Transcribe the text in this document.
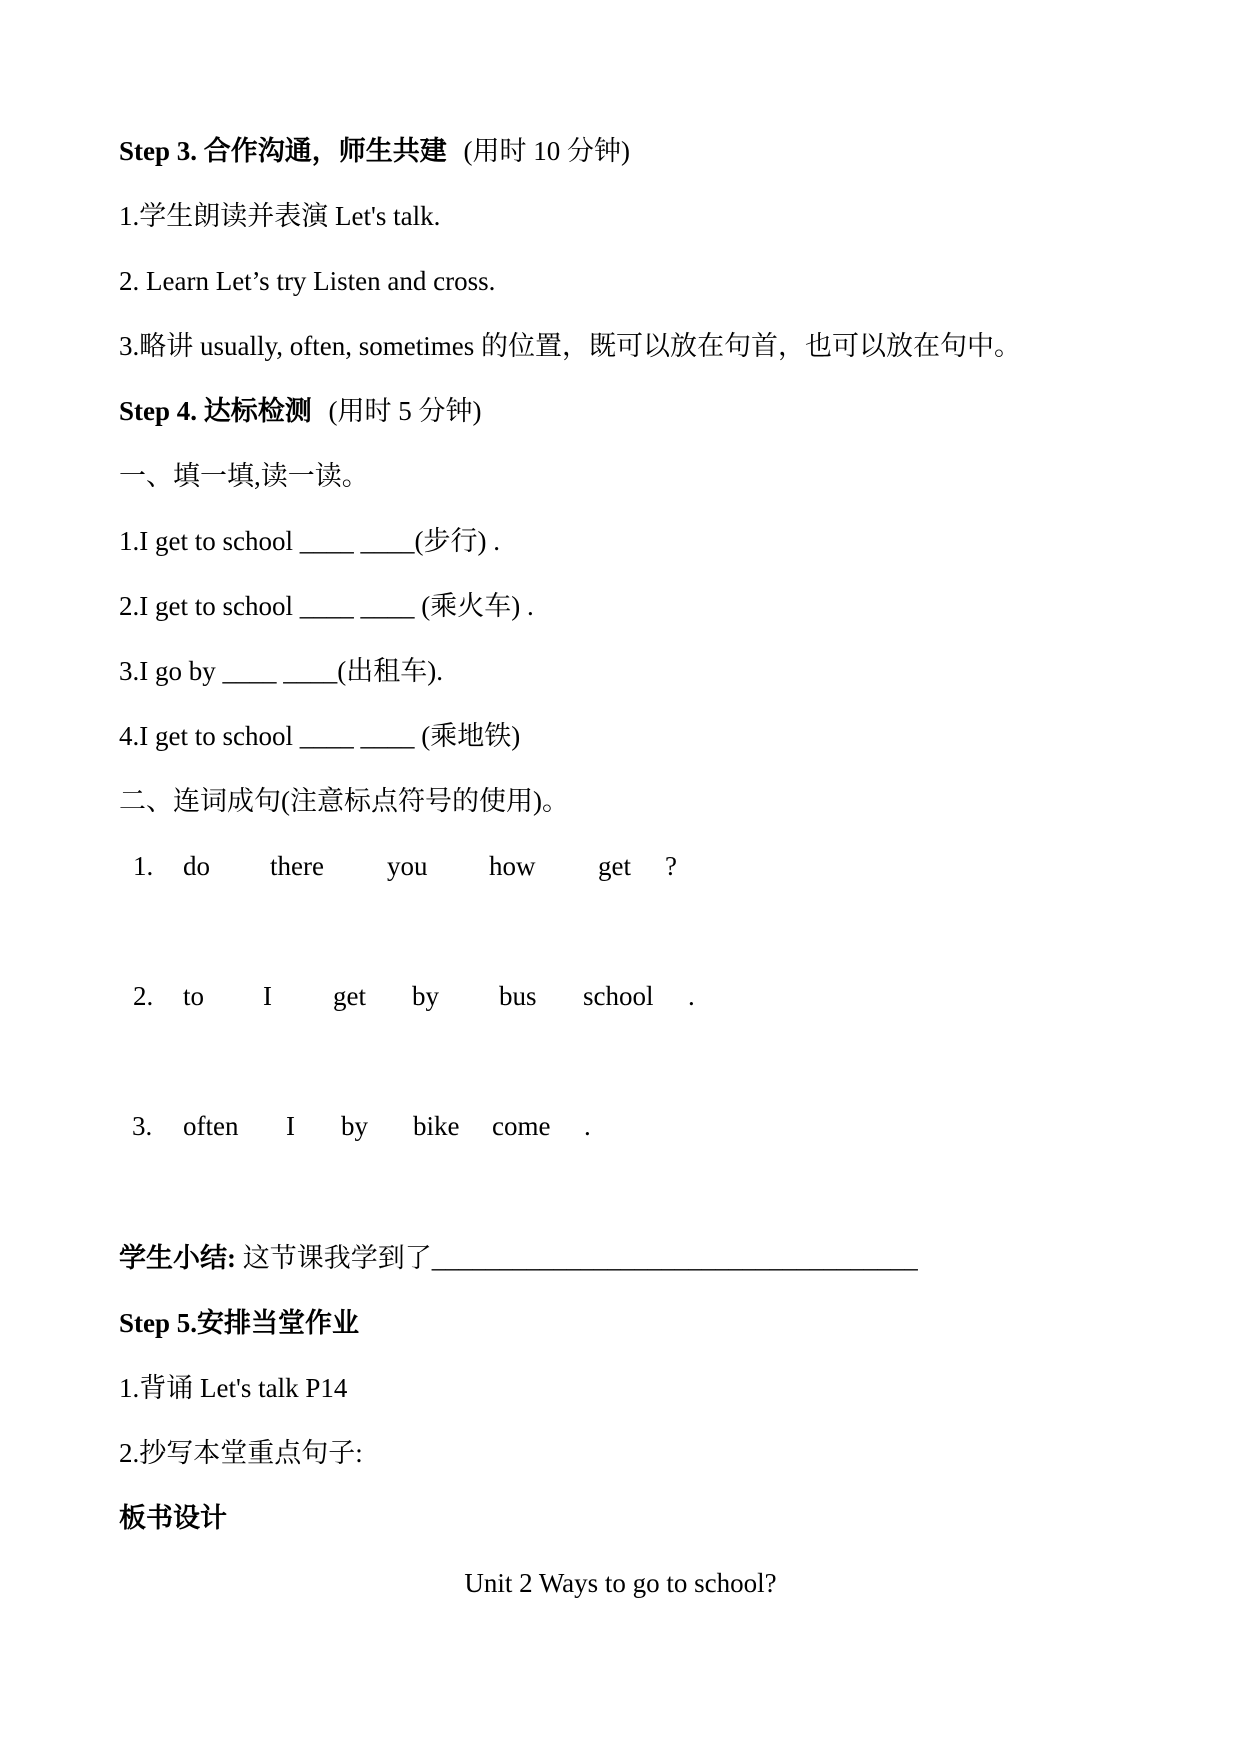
Step 3. 合作沟通，师生共建 (用时 10 分钟)
1.学生朗读并表演 Let's talk.
2. Learn Let’s try Listen and cross.
3.略讲 usually, often, sometimes 的位置，既可以放在句首，也可以放在句中。
Step 4. 达标检测 (用时 5 分钟)
一、填一填,读一读。
1.I get to school ____ ____(步行) .
2.I get to school ____ ____ (乘火车) .
3.I go by ____ ____(出租车).
4.I get to school ____ ____ (乘地铁)
二、连词成句(注意标点符号的使用)。
1. do there you how get ?
2. to I get by bus school .
3. often I by bike come .
学生小结: 这节课我学到了____________________________________
Step 5.安排当堂作业
1.背诵 Let's talk P14
2.抄写本堂重点句子:
板书设计
Unit 2 Ways to go to school?
